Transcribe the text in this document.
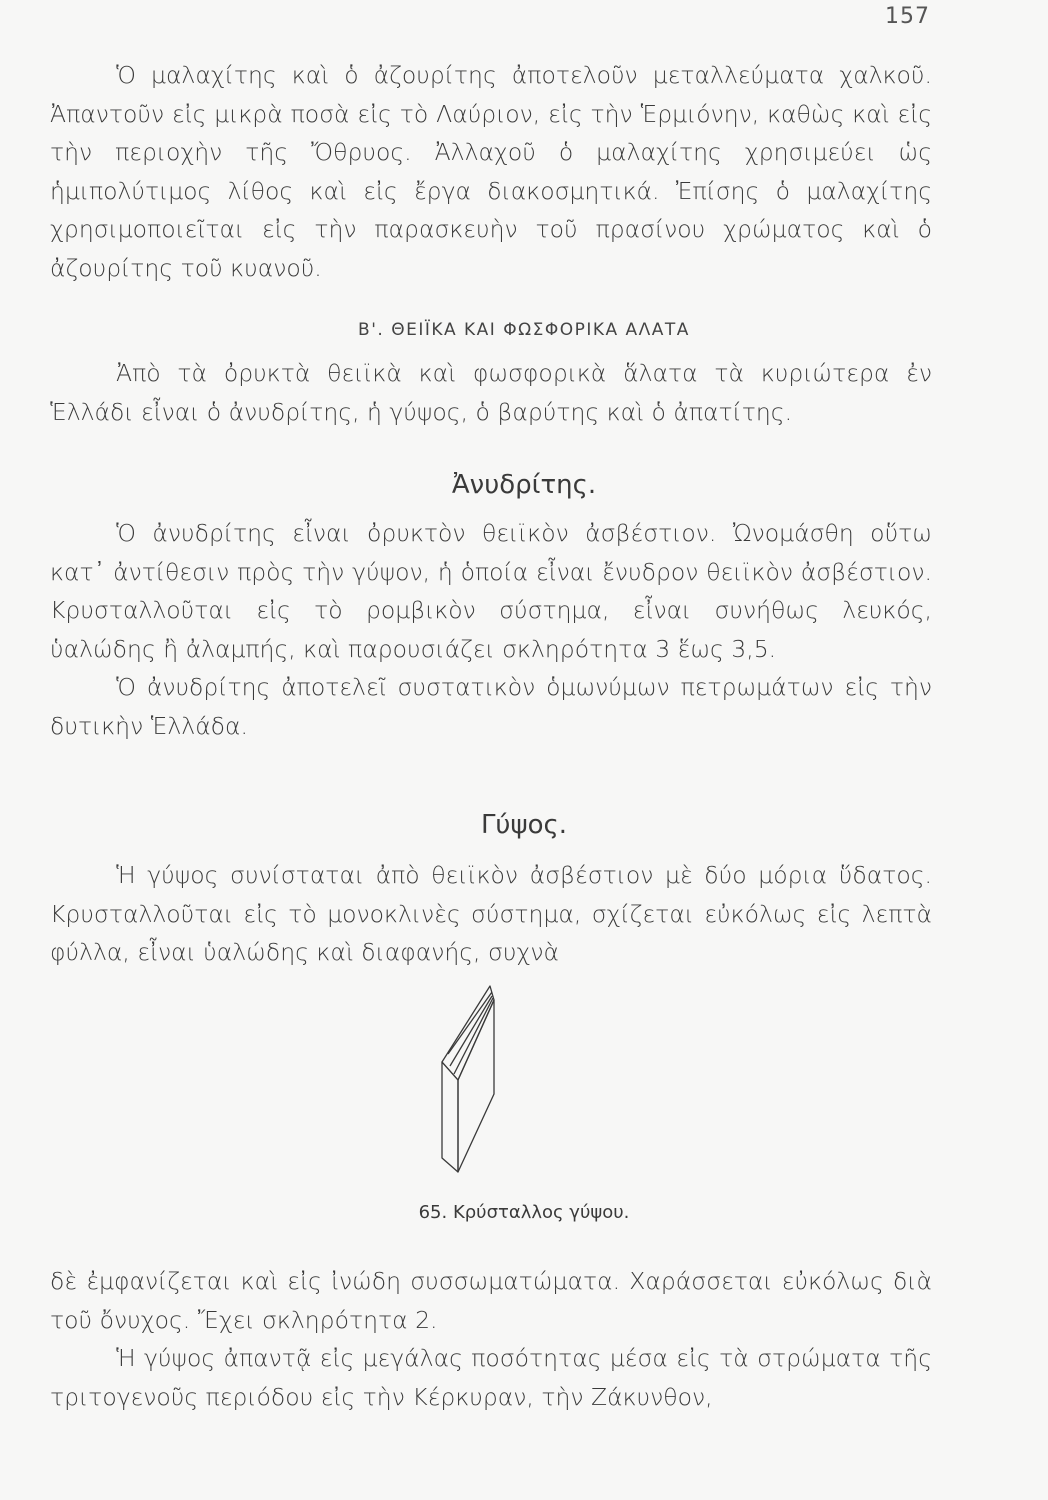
157

Ὁ μαλαχίτης καὶ ὁ ἀζουρίτης ἀποτελοῦν μεταλλεύματα χαλκοῦ. Ἀπαντοῦν εἰς μικρὰ ποσὰ εἰς τὸ Λαύριον, εἰς τὴν Ἑρμιόνην, καθὼς καὶ εἰς τὴν περιοχὴν τῆς Ὄθρυος. Ἀλλαχοῦ ὁ μαλαχίτης χρησιμεύει ὡς ἡμιπολύτιμος λίθος καὶ εἰς ἔργα διακοσμητικά. Ἐπίσης ὁ μαλαχίτης χρησιμοποιεῖται εἰς τὴν παρασκευὴν τοῦ πρασίνου χρώματος καὶ ὁ ἀζουρίτης τοῦ κυανοῦ.

Β'. ΘΕΙΪΚΑ ΚΑΙ ΦΩΣΦΟΡΙΚΑ ΑΛΑΤΑ

Ἀπὸ τὰ ὀρυκτὰ θειϊκὰ καὶ φωσφορικὰ ἅλατα τὰ κυριώτερα ἐν Ἑλλάδι εἶναι ὁ ἀνυδρίτης, ἡ γύψος, ὁ βαρύτης καὶ ὁ ἀπατίτης.

Ἀνυδρίτης.

Ὁ ἀνυδρίτης εἶναι ὀρυκτὸν θειϊκὸν ἀσβέστιον. Ὠνομάσθη οὕτω κατ᾽ ἀντίθεσιν πρὸς τὴν γύψον, ἡ ὁποία εἶναι ἔνυδρον θειϊκὸν ἀσβέστιον. Κρυσταλλοῦται εἰς τὸ ρομβικὸν σύστημα, εἶναι συνήθως λευκός, ὑαλώδης ἢ ἀλαμπής, καὶ παρουσιάζει σκληρότητα 3 ἕως 3,5.

Ὁ ἀνυδρίτης ἀποτελεῖ συστατικὸν ὁμωνύμων πετρωμάτων εἰς τὴν δυτικὴν Ἑλλάδα.

Γύψος.

Ἡ γύψος συνίσταται ἀπὸ θειϊκὸν ἀσβέστιον μὲ δύο μόρια ὕδατος. Κρυσταλλοῦται εἰς τὸ μονοκλινὲς σύστημα, σχίζεται εὐκόλως εἰς λεπτὰ φύλλα, εἶναι ὑαλώδης καὶ διαφανής, συχνὰ

65. Κρύσταλλος γύψου.

δὲ ἐμφανίζεται καὶ εἰς ἰνώδη συσσωματώματα. Χαράσσεται εὐκόλως διὰ τοῦ ὄνυχος. Ἔχει σκληρότητα 2.

Ἡ γύψος ἀπαντᾷ εἰς μεγάλας ποσότητας μέσα εἰς τὰ στρώματα τῆς τριτογενοῦς περιόδου εἰς τὴν Κέρκυραν, τὴν Ζάκυνθον,
